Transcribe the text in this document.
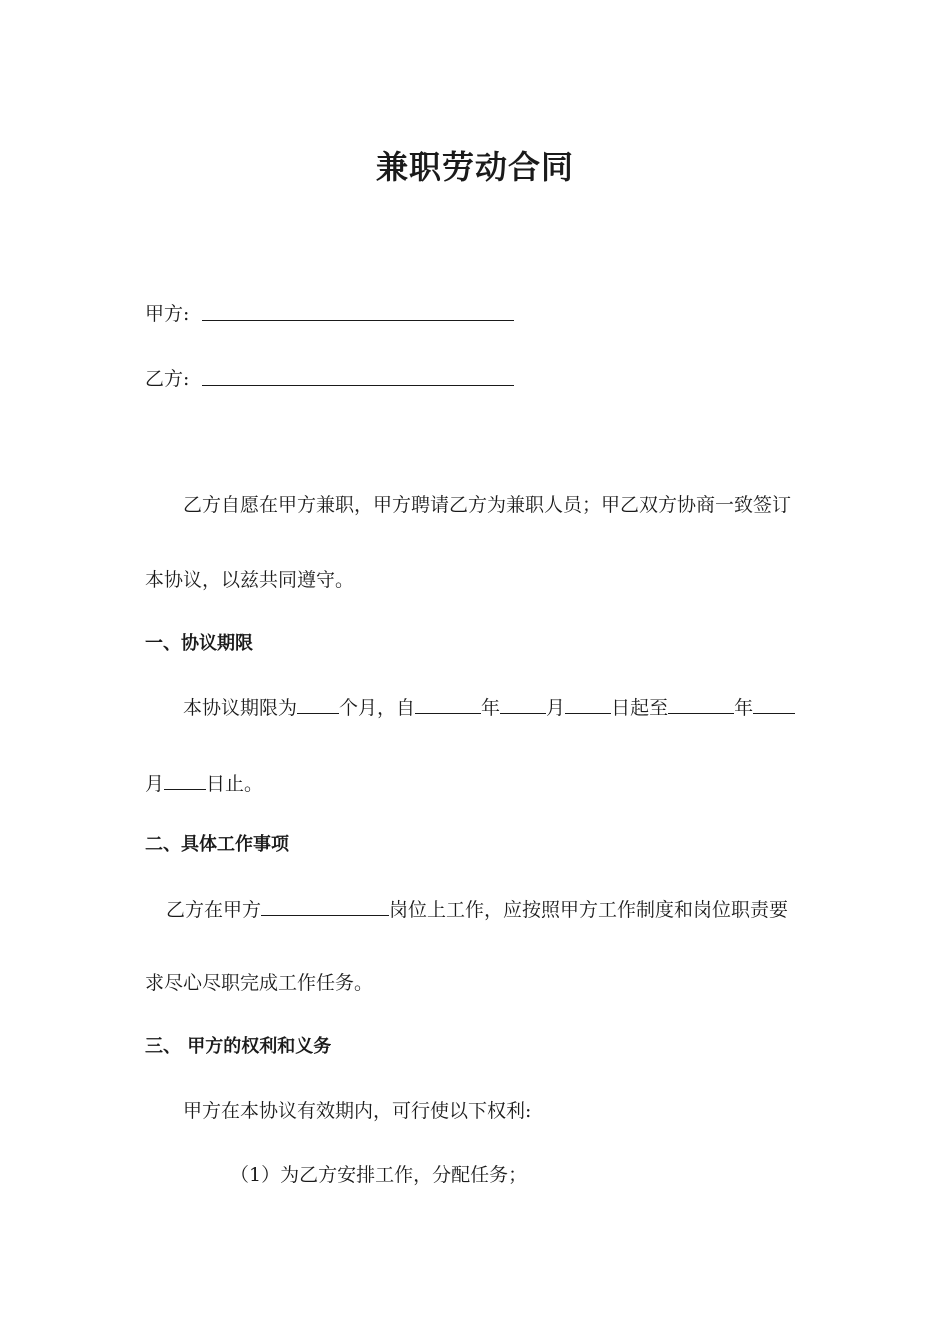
兼职劳动合同
甲方:
乙方:
乙方自愿在甲方兼职，甲方聘请乙方为兼职人员；甲乙双方协商一致签订
本协议，以兹共同遵守。
一、协议期限
本协议期限为 个月，自	年 月 日起至	年
月 日止。
二、具体工作事项
乙方在甲方	岗位上工作，应按照甲方工作制度和岗位职责要
求尽心尽职完成工作任务。
三、 甲方的权利和义务
甲方在本协议有效期内，可行使以下权利:
（1）为乙方安排工作，分配任务；
